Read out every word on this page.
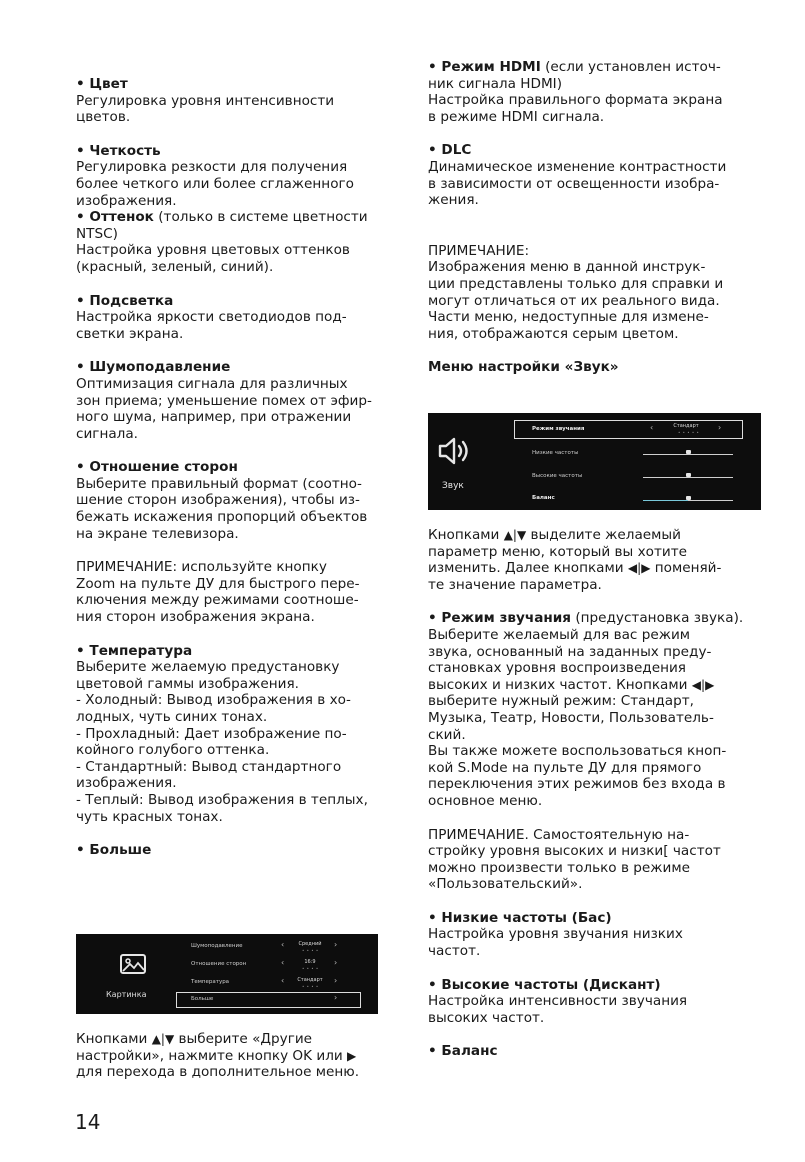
• Цвет
Регулировка уровня интенсивности
цветов.
• Четкость
Регулировка резкости для получения
более четкого или более сглаженного
изображения.
• Оттенок (только в системе цветности
NTSC)
Настройка уровня цветовых оттенков
(красный, зеленый, синий).
• Подсветка
Настройка яркости светодиодов под-
светки экрана.
• Шумоподавление
Оптимизация сигнала для различных
зон приема; уменьшение помех от эфир-
ного шума, например, при отражении
сигнала.
• Отношение сторон
Выберите правильный формат (соотно-
шение сторон изображения), чтобы из-
бежать искажения пропорций объектов
на экране телевизора.
ПРИМЕЧАНИЕ: используйте кнопку
Zoom на пульте ДУ для быстрого пере-
ключения между режимами соотноше-
ния сторон изображения экрана.
• Температура
Выберите желаемую предустановку
цветовой гаммы изображения.
- Холодный: Вывод изображения в хо-
лодных, чуть синих тонах.
- Прохладный: Дает изображение по-
койного голубого оттенка.
- Стандартный: Вывод стандартного
изображения.
- Теплый: Вывод изображения в теплых,
чуть красных тонах.
• Больше
Картинка
Шумоподавление	‹	Средний
• • • •
›
Отношение сторон	‹	16:9
• • • •
›
Температура	‹	Стандарт
• • • •
›
Больше	›
Кнопками ▲|▼ выберите «Другие
настройки», нажмите кнопку OK или ▶
для перехода в дополнительное меню.
• Режим HDMI (если установлен источ-
ник сигнала HDMI)
Настройка правильного формата экрана
в режиме HDMI сигнала.
• DLC
Динамическое изменение контрастности
в зависимости от освещенности изобра-
жения.
ПРИМЕЧАНИЕ:
Изображения меню в данной инструк-
ции представлены только для справки и
могут отличаться от их реального вида.
Части меню, недоступные для измене-
ния, отображаются серым цветом.
Меню настройки «Звук»
Звук
Режим звучания	‹	Стандарт
• • • • •
›
Низкие частоты
Высокие частоты
Баланс
Кнопками ▲|▼ выделите желаемый
параметр меню, который вы хотите
изменить. Далее кнопками ◀|▶ поменяй-
те значение параметра.
• Режим звучания (предустановка звука).
Выберите желаемый для вас режим
звука, основанный на заданных преду-
становках уровня воспроизведения
высоких и низких частот. Кнопками ◀|▶
выберите нужный режим: Стандарт,
Музыка, Театр, Новости, Пользователь-
ский.
Вы также можете воспользоваться кноп-
кой S.Mode на пульте ДУ для прямого
переключения этих режимов без входа в
основное меню.
ПРИМЕЧАНИЕ. Самостоятельную на-
стройку уровня высоких и низки[ частот
можно произвести только в режиме
«Пользовательский».
• Низкие частоты (Бас)
Настройка уровня звучания низких
частот.
• Высокие частоты (Дискант)
Настройка интенсивности звучания
высоких частот.
• Баланс
14
